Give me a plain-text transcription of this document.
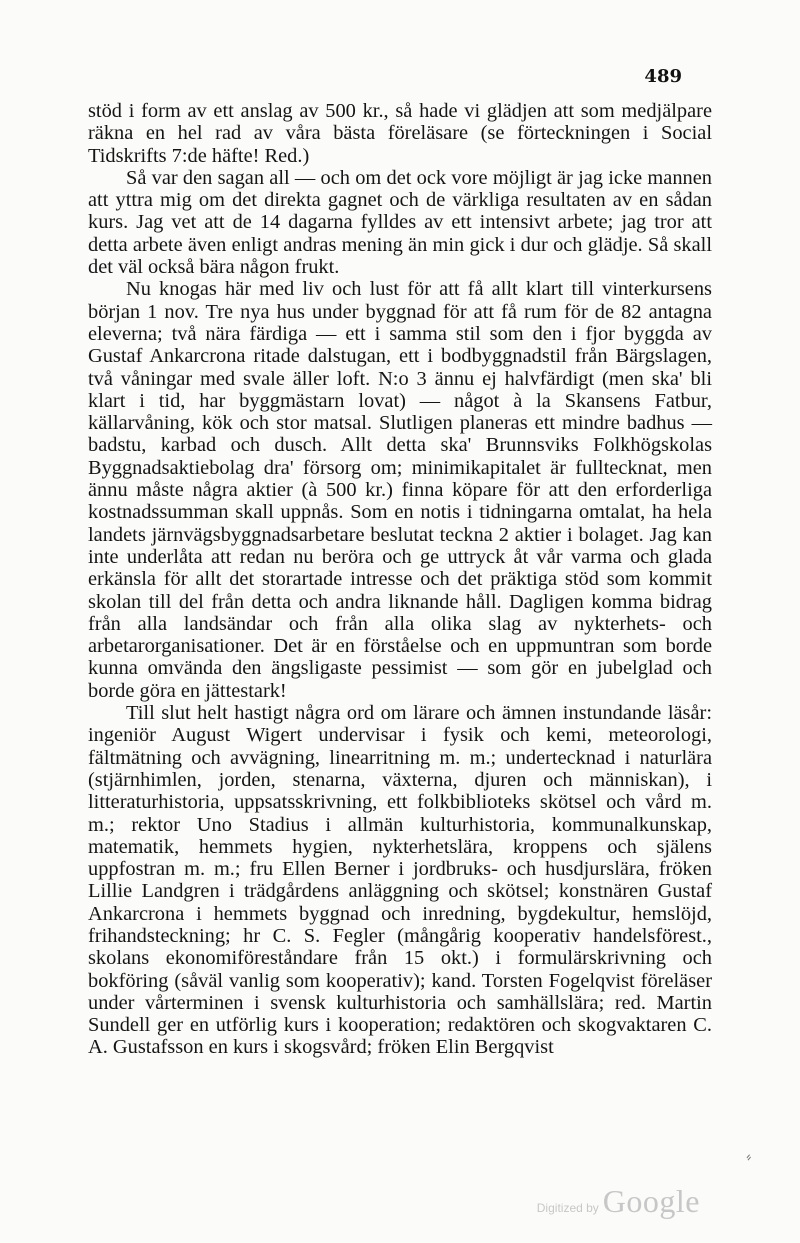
489

stöd i form av ett anslag av 500 kr., så hade vi glädjen att som medjälpare räkna en hel rad av våra bästa föreläsare (se förteckningen i Social Tidskrifts 7:de häfte! Red.)

Så var den sagan all — och om det ock vore möjligt är jag icke mannen att yttra mig om det direkta gagnet och de värkliga resultaten av en sådan kurs. Jag vet att de 14 dagarna fylldes av ett intensivt arbete; jag tror att detta arbete även enligt andras mening än min gick i dur och glädje. Så skall det väl också bära någon frukt.

Nu knogas här med liv och lust för att få allt klart till vinterkursens början 1 nov. Tre nya hus under byggnad för att få rum för de 82 antagna eleverna; två nära färdiga — ett i samma stil som den i fjor byggda av Gustaf Ankarcrona ritade dalstugan, ett i bodbyggnadstil från Bärgslagen, två våningar med svale äller loft. N:o 3 ännu ej halvfärdigt (men ska' bli klart i tid, har byggmästarn lovat) — något à la Skansens Fatbur, källarvåning, kök och stor matsal. Slutligen planeras ett mindre badhus — badstu, karbad och dusch. Allt detta ska' Brunnsviks Folkhögskolas Byggnadsaktiebolag dra' försorg om; minimikapitalet är fulltecknat, men ännu måste några aktier (à 500 kr.) finna köpare för att den erforderliga kostnadssumman skall uppnås. Som en notis i tidningarna omtalat, ha hela landets järnvägsbyggnadsarbetare beslutat teckna 2 aktier i bolaget. Jag kan inte underlåta att redan nu beröra och ge uttryck åt vår varma och glada erkänsla för allt det storartade intresse och det präktiga stöd som kommit skolan till del från detta och andra liknande håll. Dagligen komma bidrag från alla landsändar och från alla olika slag av nykterhets- och arbetarorganisationer. Det är en förståelse och en uppmuntran som borde kunna omvända den ängsligaste pessimist — som gör en jubelglad och borde göra en jättestark!

Till slut helt hastigt några ord om lärare och ämnen instundande läsår: ingeniör August Wigert undervisar i fysik och kemi, meteorologi, fältmätning och avvägning, linearritning m. m.; undertecknad i naturlära (stjärnhimlen, jorden, stenarna, växterna, djuren och människan), i litteraturhistoria, uppsatsskrivning, ett folkbiblioteks skötsel och vård m. m.; rektor Uno Stadius i allmän kulturhistoria, kommunalkunskap, matematik, hemmets hygien, nykterhetslära, kroppens och själens uppfostran m. m.; fru Ellen Berner i jordbruks- och husdjurslära, fröken Lillie Landgren i trädgårdens anläggning och skötsel; konstnären Gustaf Ankarcrona i hemmets byggnad och inredning, bygdekultur, hemslöjd, frihandsteckning; hr C. S. Fegler (mångårig kooperativ handelsförest., skolans ekonomiföreståndare från 15 okt.) i formulärskrivning och bokföring (såväl vanlig som kooperativ); kand. Torsten Fogelqvist föreläser under vårterminen i svensk kulturhistoria och samhällslära; red. Martin Sundell ger en utförlig kurs i kooperation; redaktören och skogvaktaren C. A. Gustafsson en kurs i skogsvård; fröken Elin Bergqvist

⸗
Digitized by Google
